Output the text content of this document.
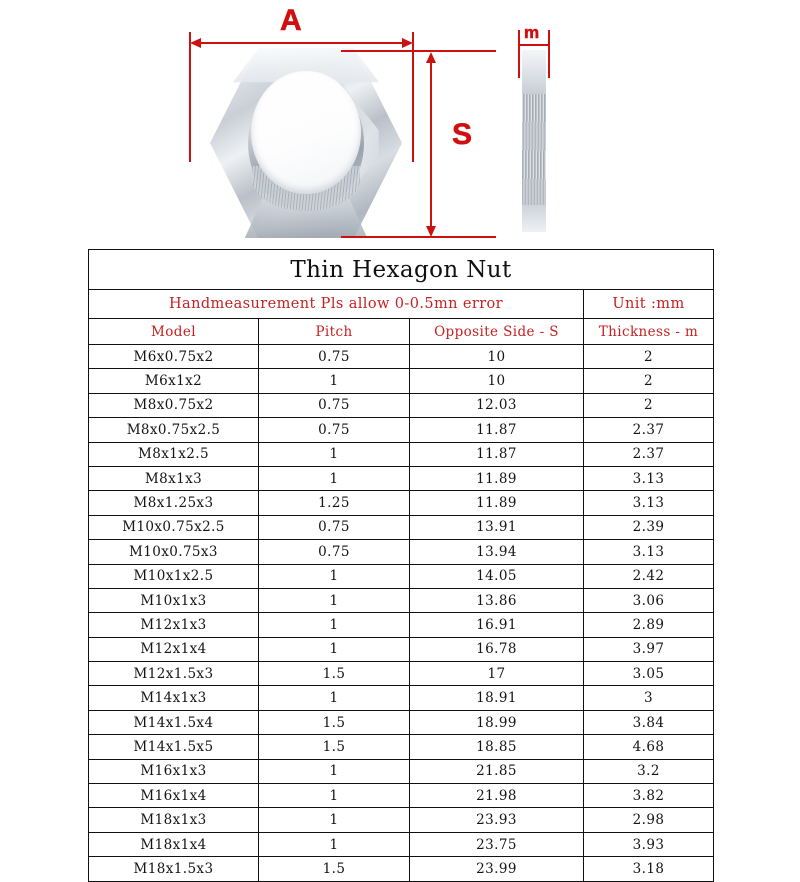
A
S
m
Thin Hexagon Nut			
Handmeasurement Pls allow 0-0.5mn error			Unit :mm
Model	Pitch	Opposite Side - S	Thickness - m
M6x0.75x2	0.75	10	2
M6x1x2	1	10	2
M8x0.75x2	0.75	12.03	2
M8x0.75x2.5	0.75	11.87	2.37
M8x1x2.5	1	11.87	2.37
M8x1x3	1	11.89	3.13
M8x1.25x3	1.25	11.89	3.13
M10x0.75x2.5	0.75	13.91	2.39
M10x0.75x3	0.75	13.94	3.13
M10x1x2.5	1	14.05	2.42
M10x1x3	1	13.86	3.06
M12x1x3	1	16.91	2.89
M12x1x4	1	16.78	3.97
M12x1.5x3	1.5	17	3.05
M14x1x3	1	18.91	3
M14x1.5x4	1.5	18.99	3.84
M14x1.5x5	1.5	18.85	4.68
M16x1x3	1	21.85	3.2
M16x1x4	1	21.98	3.82
M18x1x3	1	23.93	2.98
M18x1x4	1	23.75	3.93
M18x1.5x3	1.5	23.99	3.18
